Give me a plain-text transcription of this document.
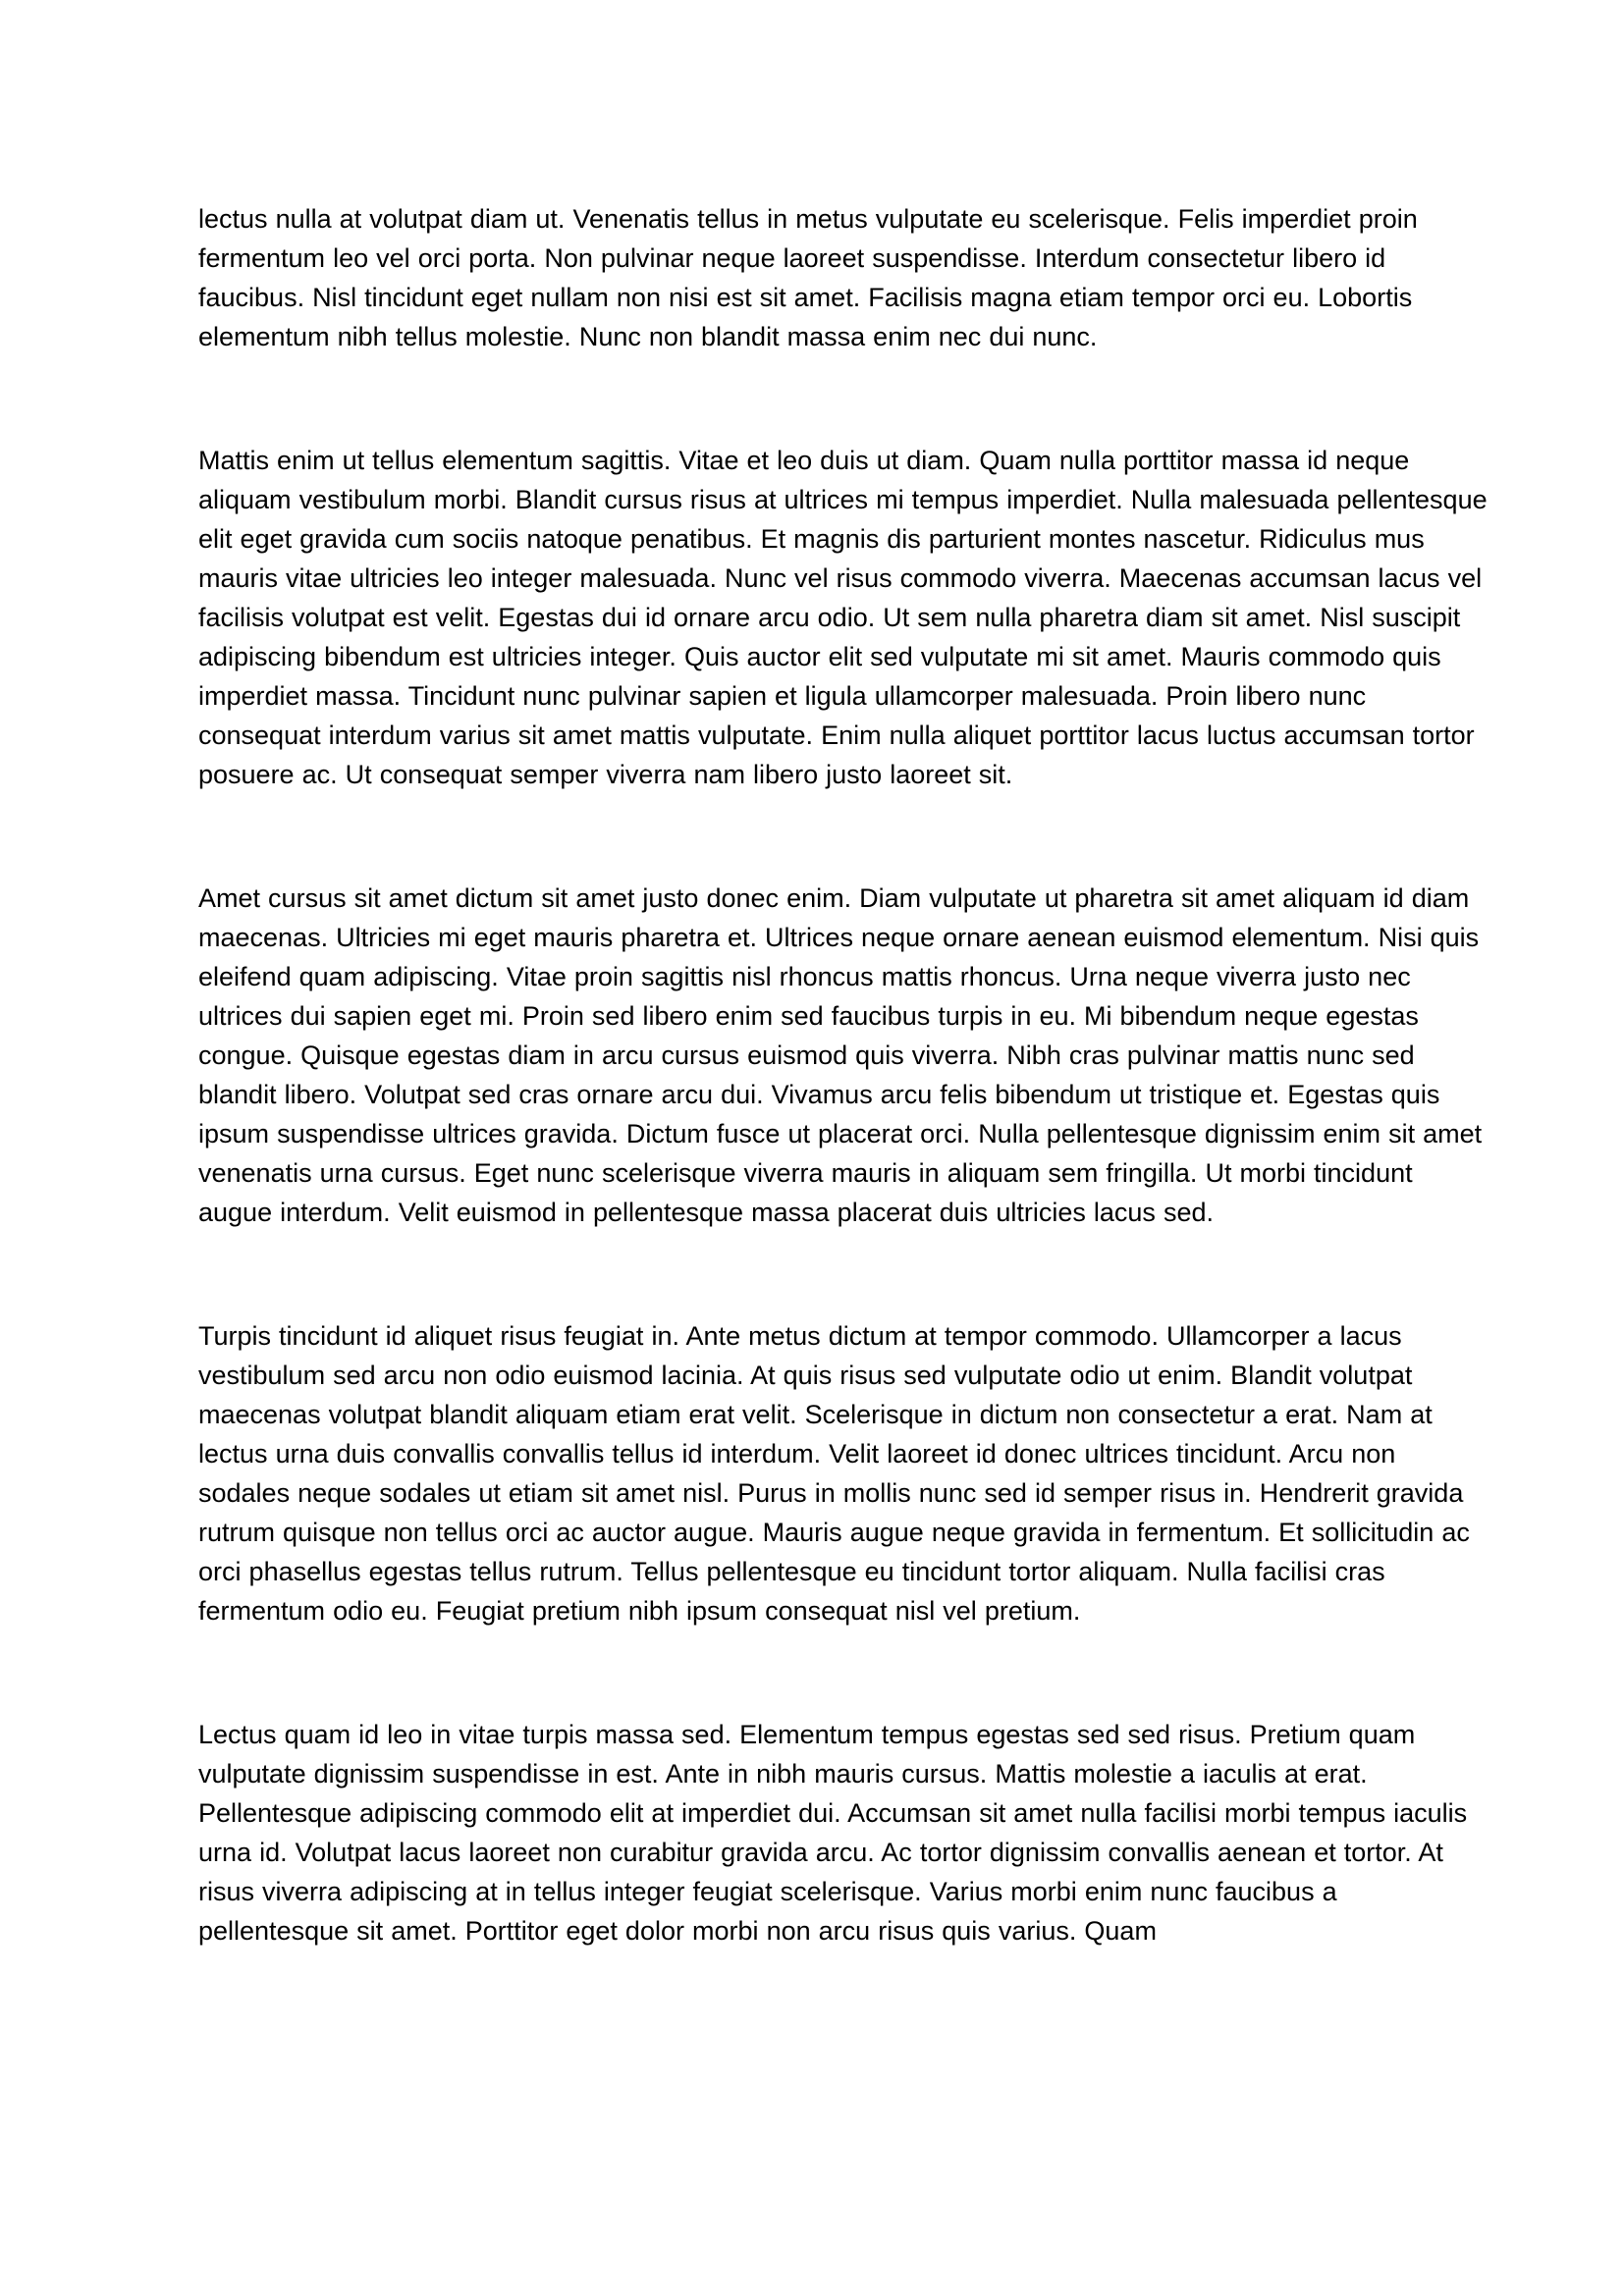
lectus nulla at volutpat diam ut. Venenatis tellus in metus vulputate eu scelerisque. Felis imperdiet proin fermentum leo vel orci porta. Non pulvinar neque laoreet suspendisse. Interdum consectetur libero id faucibus. Nisl tincidunt eget nullam non nisi est sit amet. Facilisis magna etiam tempor orci eu. Lobortis elementum nibh tellus molestie. Nunc non blandit massa enim nec dui nunc.

Mattis enim ut tellus elementum sagittis. Vitae et leo duis ut diam. Quam nulla porttitor massa id neque aliquam vestibulum morbi. Blandit cursus risus at ultrices mi tempus imperdiet. Nulla malesuada pellentesque elit eget gravida cum sociis natoque penatibus. Et magnis dis parturient montes nascetur. Ridiculus mus mauris vitae ultricies leo integer malesuada. Nunc vel risus commodo viverra. Maecenas accumsan lacus vel facilisis volutpat est velit. Egestas dui id ornare arcu odio. Ut sem nulla pharetra diam sit amet. Nisl suscipit adipiscing bibendum est ultricies integer. Quis auctor elit sed vulputate mi sit amet. Mauris commodo quis imperdiet massa. Tincidunt nunc pulvinar sapien et ligula ullamcorper malesuada. Proin libero nunc consequat interdum varius sit amet mattis vulputate. Enim nulla aliquet porttitor lacus luctus accumsan tortor posuere ac. Ut consequat semper viverra nam libero justo laoreet sit.

Amet cursus sit amet dictum sit amet justo donec enim. Diam vulputate ut pharetra sit amet aliquam id diam maecenas. Ultricies mi eget mauris pharetra et. Ultrices neque ornare aenean euismod elementum. Nisi quis eleifend quam adipiscing. Vitae proin sagittis nisl rhoncus mattis rhoncus. Urna neque viverra justo nec ultrices dui sapien eget mi. Proin sed libero enim sed faucibus turpis in eu. Mi bibendum neque egestas congue. Quisque egestas diam in arcu cursus euismod quis viverra. Nibh cras pulvinar mattis nunc sed blandit libero. Volutpat sed cras ornare arcu dui. Vivamus arcu felis bibendum ut tristique et. Egestas quis ipsum suspendisse ultrices gravida. Dictum fusce ut placerat orci. Nulla pellentesque dignissim enim sit amet venenatis urna cursus. Eget nunc scelerisque viverra mauris in aliquam sem fringilla. Ut morbi tincidunt augue interdum. Velit euismod in pellentesque massa placerat duis ultricies lacus sed.

Turpis tincidunt id aliquet risus feugiat in. Ante metus dictum at tempor commodo. Ullamcorper a lacus vestibulum sed arcu non odio euismod lacinia. At quis risus sed vulputate odio ut enim. Blandit volutpat maecenas volutpat blandit aliquam etiam erat velit. Scelerisque in dictum non consectetur a erat. Nam at lectus urna duis convallis convallis tellus id interdum. Velit laoreet id donec ultrices tincidunt. Arcu non sodales neque sodales ut etiam sit amet nisl. Purus in mollis nunc sed id semper risus in. Hendrerit gravida rutrum quisque non tellus orci ac auctor augue. Mauris augue neque gravida in fermentum. Et sollicitudin ac orci phasellus egestas tellus rutrum. Tellus pellentesque eu tincidunt tortor aliquam. Nulla facilisi cras fermentum odio eu. Feugiat pretium nibh ipsum consequat nisl vel pretium.

Lectus quam id leo in vitae turpis massa sed. Elementum tempus egestas sed sed risus. Pretium quam vulputate dignissim suspendisse in est. Ante in nibh mauris cursus. Mattis molestie a iaculis at erat. Pellentesque adipiscing commodo elit at imperdiet dui. Accumsan sit amet nulla facilisi morbi tempus iaculis urna id. Volutpat lacus laoreet non curabitur gravida arcu. Ac tortor dignissim convallis aenean et tortor. At risus viverra adipiscing at in tellus integer feugiat scelerisque. Varius morbi enim nunc faucibus a pellentesque sit amet. Porttitor eget dolor morbi non arcu risus quis varius. Quam
